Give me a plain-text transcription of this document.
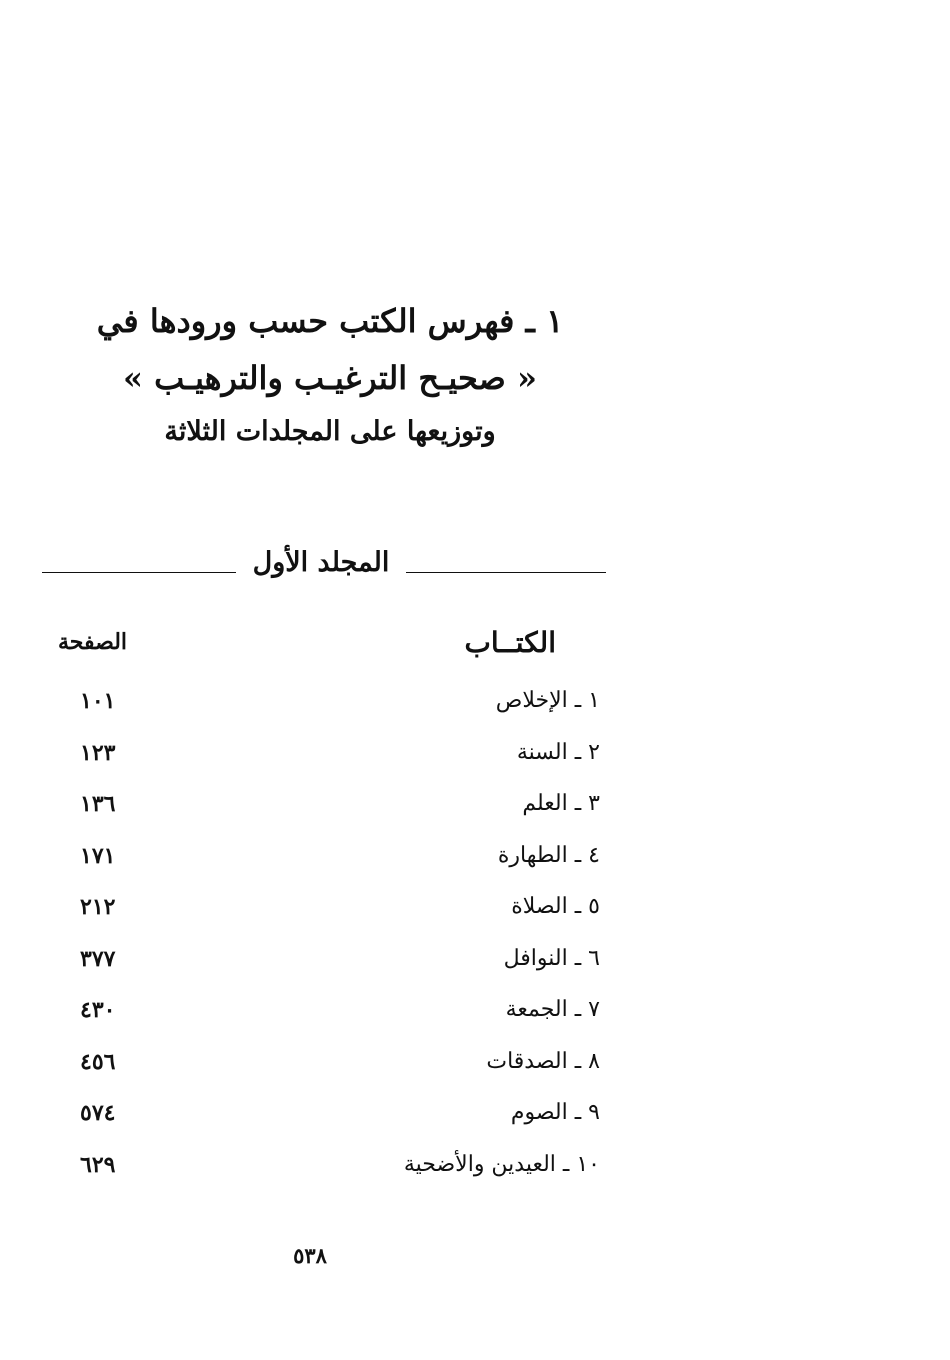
١ ـ فهرس الكتب حسب ورودها في
« صحيـح الترغيـب والترهيـب »
وتوزيعها على المجلدات الثلاثة
المجلد الأول
الكتــاب
الصفحة
١ ـ الإخلاص
١٠١
٢ ـ السنة
١٢٣
٣ ـ العلم
١٣٦
٤ ـ الطهارة
١٧١
٥ ـ الصلاة
٢١٢
٦ ـ النوافل
٣٧٧
٧ ـ الجمعة
٤٣٠
٨ ـ الصدقات
٤٥٦
٩ ـ الصوم
٥٧٤
١٠ ـ العيدين والأضحية
٦٢٩
٥٣٨
